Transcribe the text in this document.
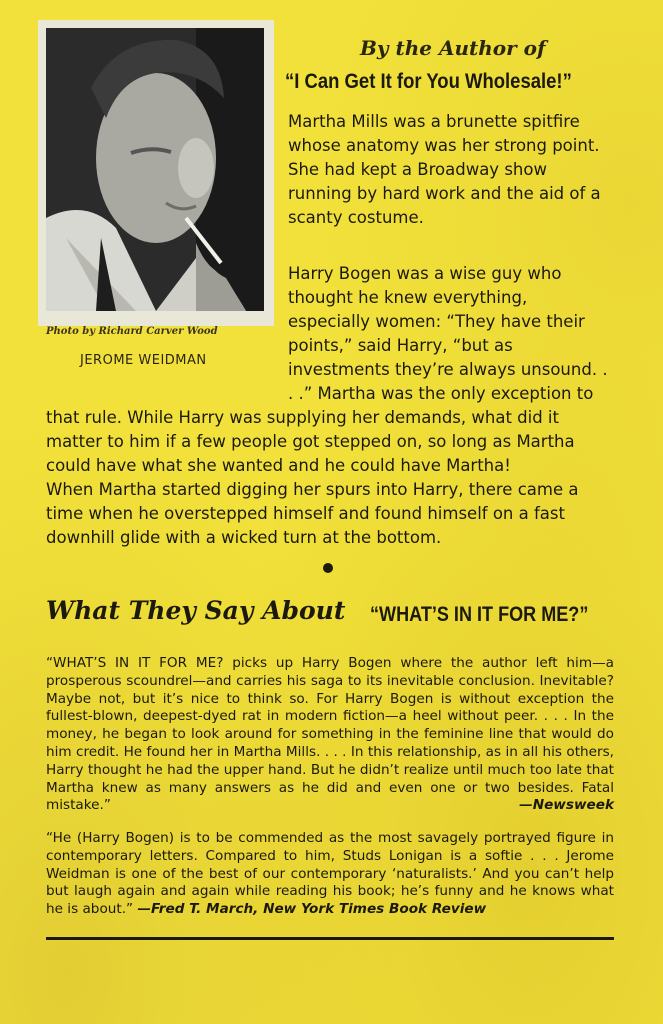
Photo by Richard Carver Wood
JEROME WEIDMAN
By the Author of
“I Can Get It for You Wholesale!”
Martha Mills was a brunette spitfire whose anatomy was her strong point. She had kept a Broadway show running by hard work and the aid of a scanty costume.
Harry Bogen was a wise guy who thought he knew everything, especially women: “They have their points,” said Harry, “but as investments they’re always unsound. . . .” Martha was the only exception to that rule. While Harry was supplying her demands, what did it matter to him if a few people got stepped on, so long as Martha could have what she wanted and he could have Martha!
When Martha started digging her spurs into Harry, there came a time when he overstepped himself and found himself on a fast downhill glide with a wicked turn at the bottom.
What They Say About “WHAT’S IN IT FOR ME?”
“WHAT’S IN IT FOR ME? picks up Harry Bogen where the author left him—a prosperous scoundrel—and carries his saga to its inevitable conclusion. Inevitable? Maybe not, but it’s nice to think so. For Harry Bogen is without exception the fullest-blown, deepest-dyed rat in modern fiction—a heel without peer. . . . In the money, he began to look around for something in the feminine line that would do him credit. He found her in Martha Mills. . . . In this relationship, as in all his others, Harry thought he had the upper hand. But he didn’t realize until much too late that Martha knew as many answers as he did and even one or two besides. Fatal mistake.”	—Newsweek
“He (Harry Bogen) is to be commended as the most savagely portrayed figure in contemporary letters. Compared to him, Studs Lonigan is a softie . . . Jerome Weidman is one of the best of our contemporary ‘naturalists.’ And you can’t help but laugh again and again while reading his book; he’s funny and he knows what he is about.” —Fred T. March, New York Times Book Review
